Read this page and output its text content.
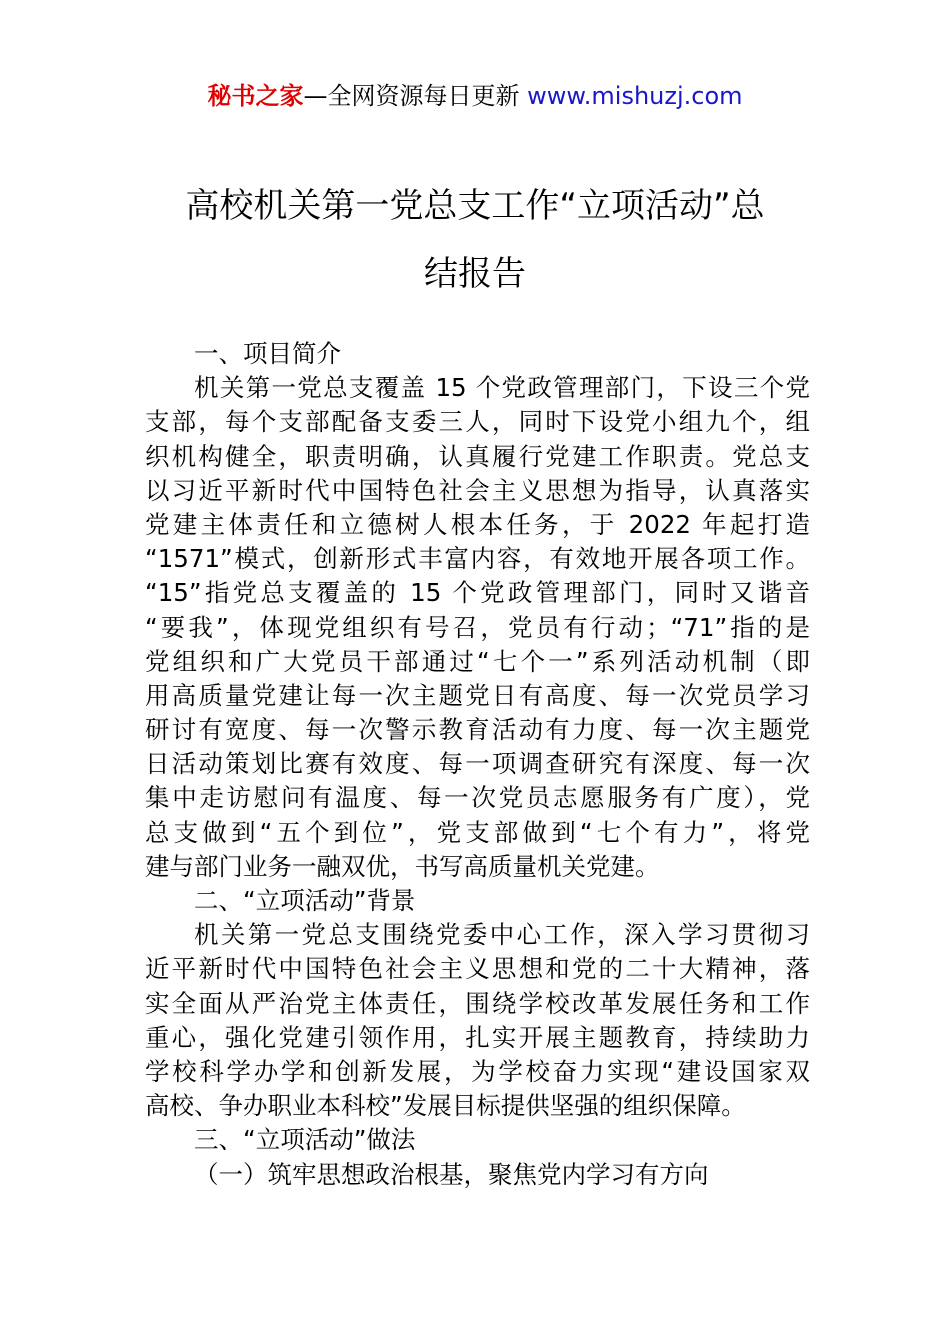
秘书之家—全网资源每日更新 www.mishuzj.com
高校机关第一党总支工作“立项活动”总
结报告
一、项目简介
机关第一党总支覆盖 15 个党政管理部门，下设三个党
支部，每个支部配备支委三人，同时下设党小组九个，组
织机构健全，职责明确，认真履行党建工作职责。党总支
以习近平新时代中国特色社会主义思想为指导，认真落实
党建主体责任和立德树人根本任务，于 2022 年起打造
“1571”模式，创新形式丰富内容，有效地开展各项工作。
“15”指党总支覆盖的 15 个党政管理部门，同时又谐音
“要我”，体现党组织有号召，党员有行动；“71”指的是
党组织和广大党员干部通过“七个一”系列活动机制（即
用高质量党建让每一次主题党日有高度、每一次党员学习
研讨有宽度、每一次警示教育活动有力度、每一次主题党
日活动策划比赛有效度、每一项调查研究有深度、每一次
集中走访慰问有温度、每一次党员志愿服务有广度），党
总支做到“五个到位”，党支部做到“七个有力”，将党
建与部门业务一融双优，书写高质量机关党建。
二、“立项活动”背景
机关第一党总支围绕党委中心工作，深入学习贯彻习
近平新时代中国特色社会主义思想和党的二十大精神，落
实全面从严治党主体责任，围绕学校改革发展任务和工作
重心，强化党建引领作用，扎实开展主题教育，持续助力
学校科学办学和创新发展，为学校奋力实现“建设国家双
高校、争办职业本科校”发展目标提供坚强的组织保障。
三、“立项活动”做法
（一）筑牢思想政治根基，聚焦党内学习有方向
